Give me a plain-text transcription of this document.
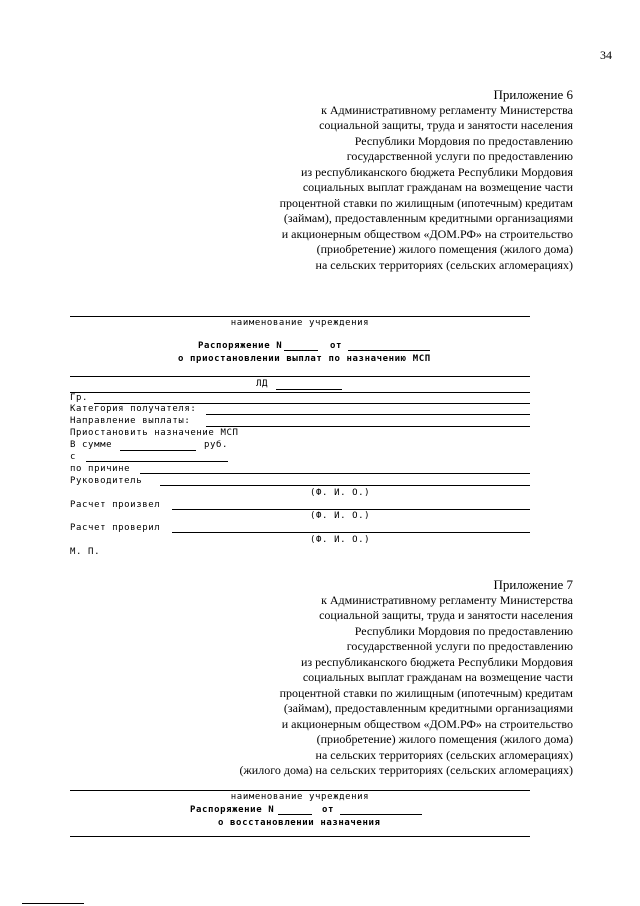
34
Приложение 6
к Административному регламенту Министерства
социальной защиты, труда и занятости населения
Республики Мордовия по предоставлению
государственной услуги по предоставлению
из республиканского бюджета Республики Мордовия
социальных выплат гражданам на возмещение части
процентной ставки по жилищным (ипотечным) кредитам
(займам), предоставленным кредитными организациями
и акционерным обществом «ДОМ.РФ» на строительство
(приобретение) жилого помещения (жилого дома)
на сельских территориях (сельских агломерациях)
наименование учреждения
Распоряжение N	от
о приостановлении выплат по назначению МСП
ЛД
Гр.
Категория получателя:
Направление выплаты:
Приостановить назначение МСП
В сумме	руб.
с
по причине
Руководитель
(Ф. И. О.)
Расчет произвел
(Ф. И. О.)
Расчет проверил
(Ф. И. О.)
М. П.
Приложение 7
к Административному регламенту Министерства
социальной защиты, труда и занятости населения
Республики Мордовия по предоставлению
государственной услуги по предоставлению
из республиканского бюджета Республики Мордовия
социальных выплат гражданам на возмещение части
процентной ставки по жилищным (ипотечным) кредитам
(займам), предоставленным кредитными организациями
и акционерным обществом «ДОМ.РФ» на строительство
(приобретение) жилого помещения (жилого дома)
на сельских территориях (сельских агломерациях)
(жилого дома) на сельских территориях (сельских агломерациях)
наименование учреждения
Распоряжение N	от
о восстановлении назначения
